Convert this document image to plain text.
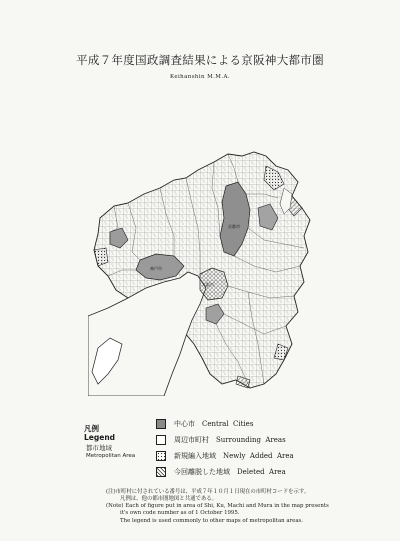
平成７年度国政調査結果による京阪神大都市圏
Keihanshin M.M.A.
京都市
大阪市
神戸市
凡例
Legend
都市地域
Metropolitan Area
中心市　Central  Cities
周辺市町村　Surrounding  Areas
新規編入地域　Newly  Added  Area
今回離脱した地域　Deleted  Area
(注)市町村に付されている番号は、平成７年１０月１日現在の市町村コードを示す。
凡例は、他の都市圏地図と共通である。
(Note) Each of figure put in area of Shi, Ku, Machi and Mura in the map presents
it's own code number as of 1 October 1995.
The legend is used commonly to other maps of metropolitan areas.
